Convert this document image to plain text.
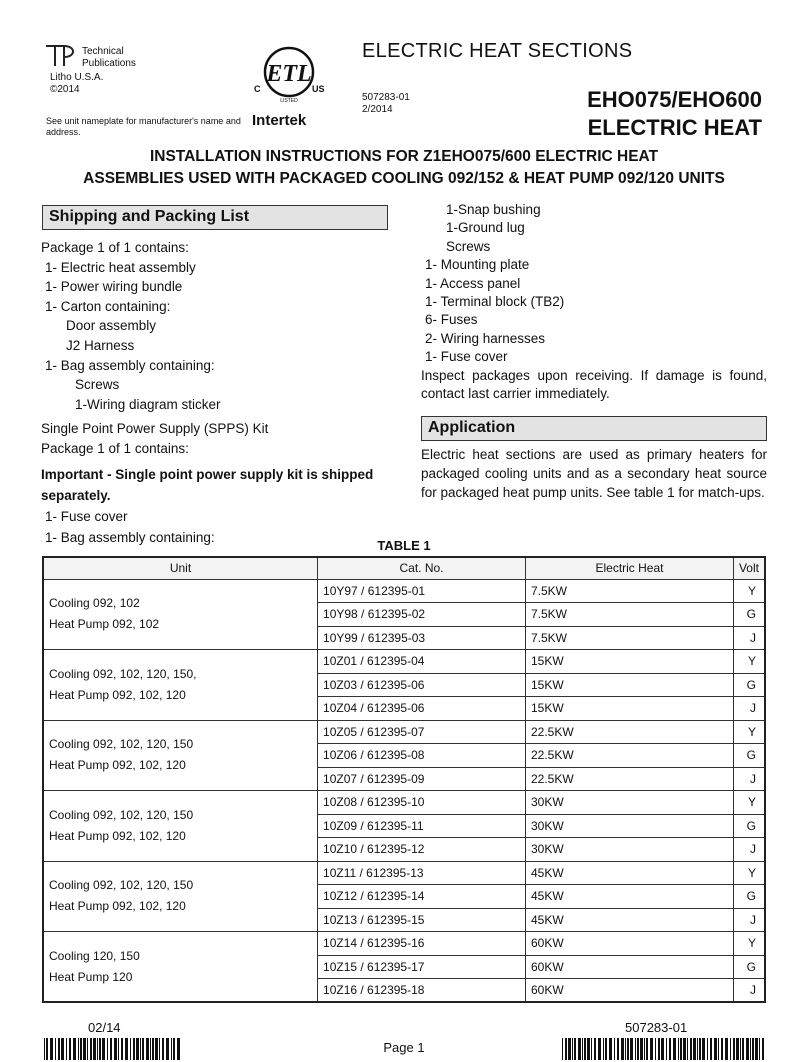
Technical
Publications
Litho U.S.A.
©2014
See unit nameplate for manufacturer's name and address.
ETL
C	US
LISTED
Intertek
ELECTRIC HEAT SECTIONS
507283-01
2/2014	EHO075/EHO600
ELECTRIC HEAT
INSTALLATION INSTRUCTIONS FOR Z1EHO075/600 ELECTRIC HEAT
ASSEMBLIES USED WITH PACKAGED COOLING 092/152 & HEAT PUMP 092/120 UNITS
Shipping and Packing List
Package 1 of 1 contains:
1- Electric heat assembly
1- Power wiring bundle
1- Carton containing:
Door assembly
J2 Harness
1- Bag assembly containing:
Screws
1-Wiring diagram sticker
Single Point Power Supply (SPPS) Kit
Package 1 of 1 contains:
Important - Single point power supply kit is shipped separately.
1- Fuse cover
1- Bag assembly containing:
1-Snap bushing
1-Ground lug
Screws
1- Mounting plate
1- Access panel
1- Terminal block (TB2)
6- Fuses
2- Wiring harnesses
1- Fuse cover
Inspect packages upon receiving. If damage is found, contact last carrier immediately.
Application
Electric heat sections are used as primary heaters for packaged cooling units and as a secondary heat source for packaged heat pump units. See table 1 for match-ups.
TABLE 1
Unit	Cat. No.	Electric Heat	Volt

Cooling 092, 102
Heat Pump 092, 102	10Y97 / 612395-01	7.5KW	Y
	10Y98 / 612395-02	7.5KW	G
	10Y99 / 612395-03	7.5KW	J

Cooling 092, 102, 120, 150,
Heat Pump 092, 102, 120	10Z01 / 612395-04	15KW	Y
	10Z03 / 612395-06	15KW	G
	10Z04 / 612395-06	15KW	J

Cooling 092, 102, 120, 150
Heat Pump 092, 102, 120	10Z05 / 612395-07	22.5KW	Y
	10Z06 / 612395-08	22.5KW	G
	10Z07 / 612395-09	22.5KW	J

Cooling 092, 102, 120, 150
Heat Pump 092, 102, 120	10Z08 / 612395-10	30KW	Y
	10Z09 / 612395-11	30KW	G
	10Z10 / 612395-12	30KW	J

Cooling 092, 102, 120, 150
Heat Pump 092, 102, 120	10Z11 / 612395-13	45KW	Y
	10Z12 / 612395-14	45KW	G
	10Z13 / 612395-15	45KW	J

Cooling 120, 150
Heat Pump 120	10Z14 / 612395-16	60KW	Y
	10Z15 / 612395-17	60KW	G
	10Z16 / 612395-18	60KW	J
02/14	507283-01
Page 1
